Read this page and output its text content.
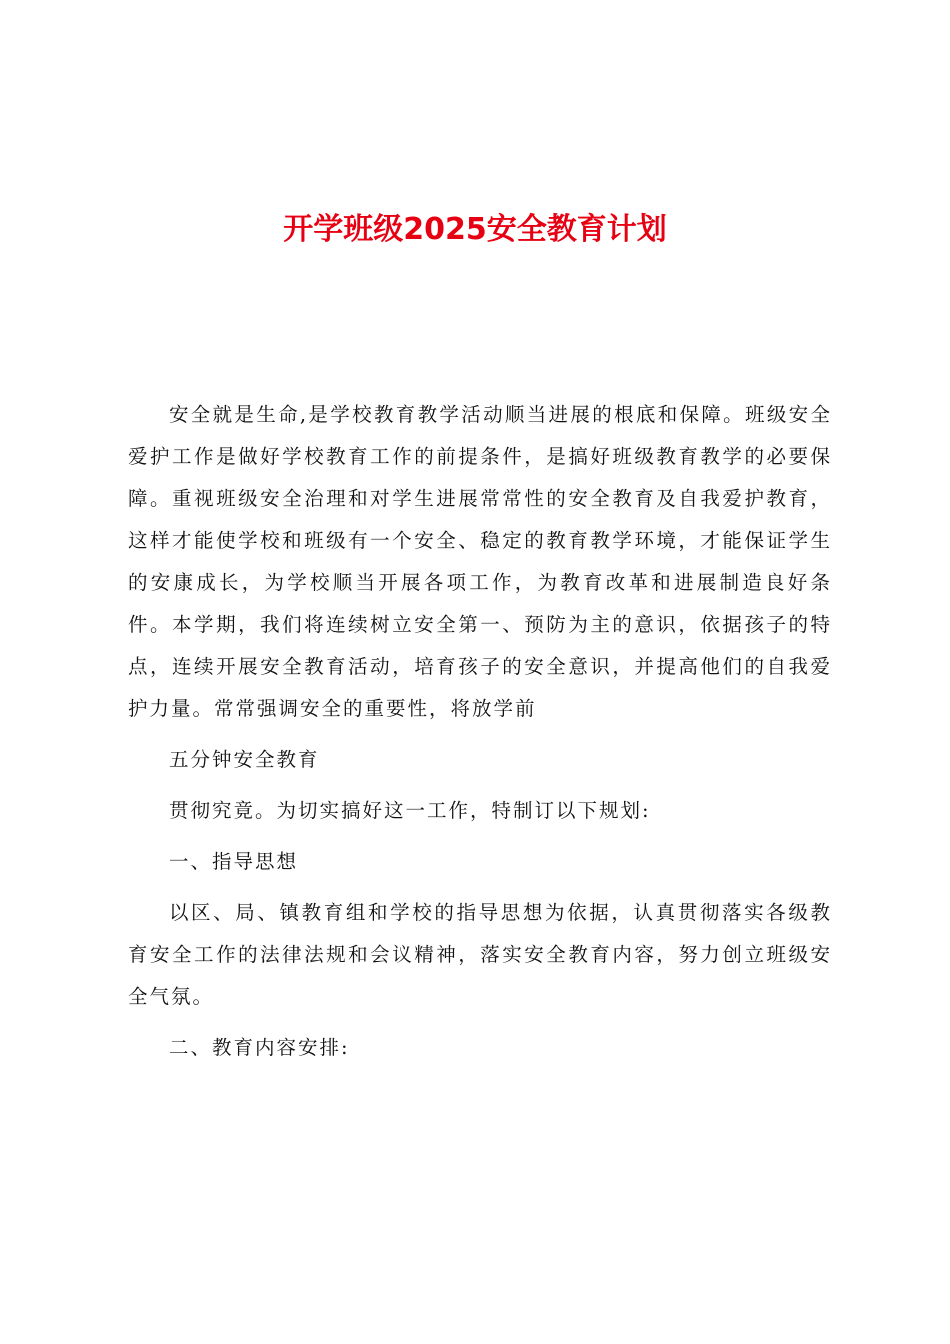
开学班级2025安全教育计划

安全就是生命,是学校教育教学活动顺当进展的根底和保障。班级安全爱护工作是做好学校教育工作的前提条件，是搞好班级教育教学的必要保障。重视班级安全治理和对学生进展常常性的安全教育及自我爱护教育，这样才能使学校和班级有一个安全、稳定的教育教学环境，才能保证学生的安康成长，为学校顺当开展各项工作，为教育改革和进展制造良好条件。本学期，我们将连续树立安全第一、预防为主的意识，依据孩子的特点，连续开展安全教育活动，培育孩子的安全意识，并提高他们的自我爱护力量。常常强调安全的重要性，将放学前

五分钟安全教育

贯彻究竟。为切实搞好这一工作，特制订以下规划:

一、指导思想

以区、局、镇教育组和学校的指导思想为依据，认真贯彻落实各级教育安全工作的法律法规和会议精神，落实安全教育内容，努力创立班级安全气氛。

二、教育内容安排:
